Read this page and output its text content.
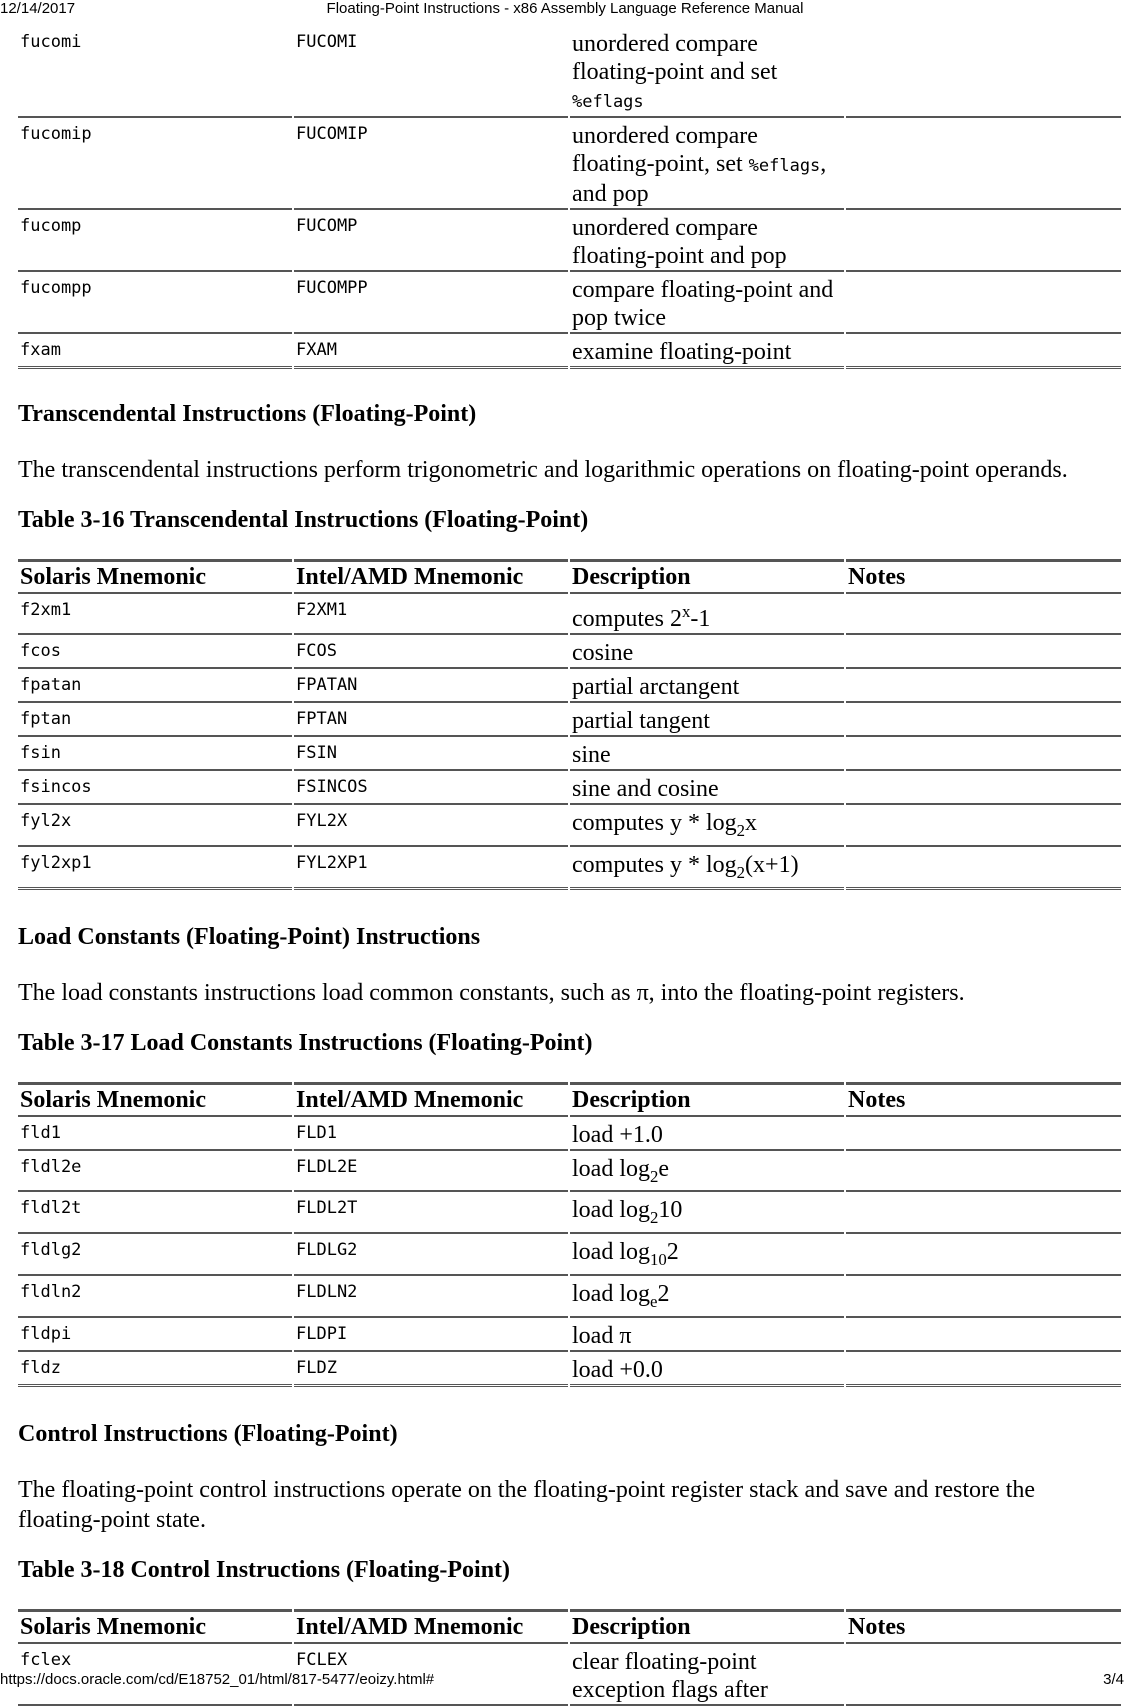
12/14/2017	Floating-Point Instructions - x86 Assembly Language Reference Manual
fucomi	FUCOMI	unordered compare floating-point and set %eflags	
fucomip	FUCOMIP	unordered compare floating-point, set %eflags, and pop	
fucomp	FUCOMP	unordered compare floating-point and pop	
fucompp	FUCOMPP	compare floating-point and pop twice	
fxam	FXAM	examine floating-point	
Transcendental Instructions (Floating-Point)

The transcendental instructions perform trigonometric and logarithmic operations on floating-point operands.

Table 3-16 Transcendental Instructions (Floating-Point)
Solaris Mnemonic	Intel/AMD Mnemonic	Description	Notes
f2xm1	F2XM1	computes 2$^x$-1	
fcos	FCOS	cosine	
fpatan	FPATAN	partial arctangent	
fptan	FPTAN	partial tangent	
fsin	FSIN	sine	
fsincos	FSINCOS	sine and cosine	
fyl2x	FYL2X	computes y * $\log_2x$	
fyl2xp1	FYL2XP1	computes $y * \log_2(x+1)$	
Load Constants (Floating-Point) Instructions

The load constants instructions load common constants, such as π, into the floating-point registers.

Table 3-17 Load Constants Instructions (Floating-Point)
Solaris Mnemonic	Intel/AMD Mnemonic	Description	Notes
fld1	FLD1	load +1.0	
fldl2e	FLDL2E	load $\log_2e$	
fldl2t	FLDL2T	load $\log_210$	
fldlg2	FLDLG2	load $\log_{10}2$	
fldln2	FLDLN2	load $\log_e2$	
fldpi	FLDPI	load π	
fldz	FLDZ	load +0.0	
Control Instructions (Floating-Point)

The floating-point control instructions operate on the floating-point register stack and save and restore the floating-point state.

Table 3-18 Control Instructions (Floating-Point)
Solaris Mnemonic	Intel/AMD Mnemonic	Description	Notes
fclex	FCLEX	clear floating-point exception flags after	
https://docs.oracle.com/cd/E18752_01/html/817-5477/eoizy.html#	3/4
